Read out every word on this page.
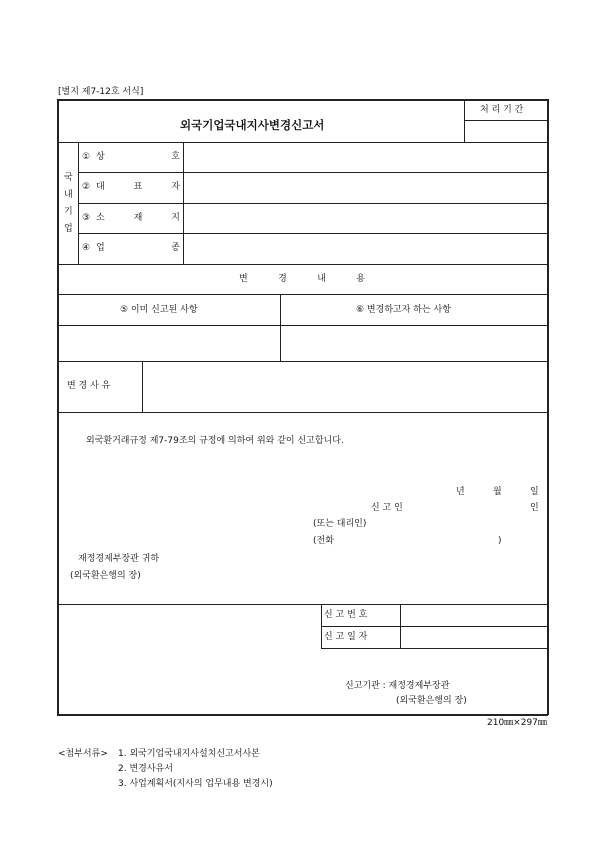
[별지 제7-12호 서식]
외국기업국내지사변경신고서
처 리 기 간
국
내
기
업
① 상	호
② 대	표	자
③ 소	재	지
④ 업	종
변	경	내	용
⑤ 이미 신고된 사항	⑥ 변경하고자 하는 사항
변 경 사 유
외국환거래규정 제7-79조의 규정에 의하여 위와 같이 신고합니다.
년	월	일
신 고 인	인
(또는 대리인)
(전화	)
재정경제부장관 귀하
(외국환은행의 장)
신 고 번 호
신 고 일 자
신고기관 : 재정경제부장관
(외국환은행의 장)
210㎜×297㎜
<첨부서류> 1. 외국기업국내지사설치신고서사본
2. 변경사유서
3. 사업계획서(지사의 업무내용 변경시)
